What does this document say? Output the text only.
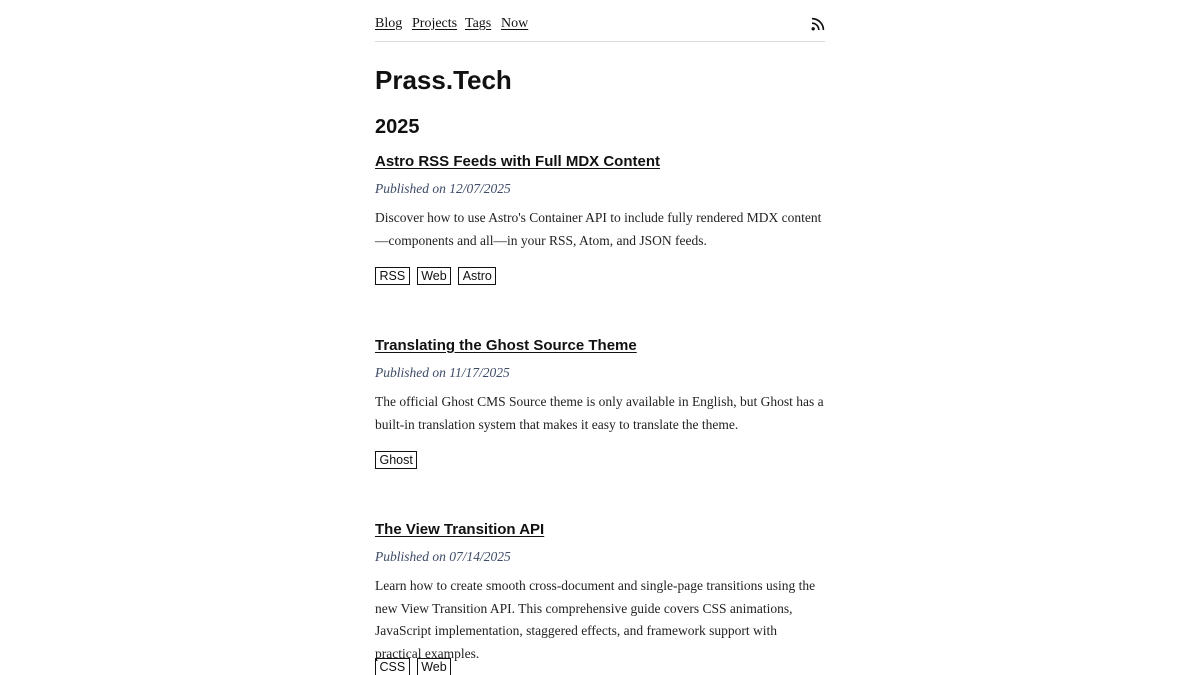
Blog Projects Tags Now
Prass.Tech
2025
Astro RSS Feeds with Full MDX Content
Published on 12/07/2025

Discover how to use Astro's Container API to include fully rendered MDX content—components and all—in your RSS, Atom, and JSON feeds.

RSS	Web	Astro
Translating the Ghost Source Theme
Published on 11/17/2025

The official Ghost CMS Source theme is only available in English, but Ghost has a built-in translation system that makes it easy to translate the theme.

Ghost
The View Transition API
Published on 07/14/2025

Learn how to create smooth cross-document and single-page transitions using the new View Transition API. This comprehensive guide covers CSS animations, JavaScript implementation, staggered effects, and framework support with practical examples.

CSS	Web
